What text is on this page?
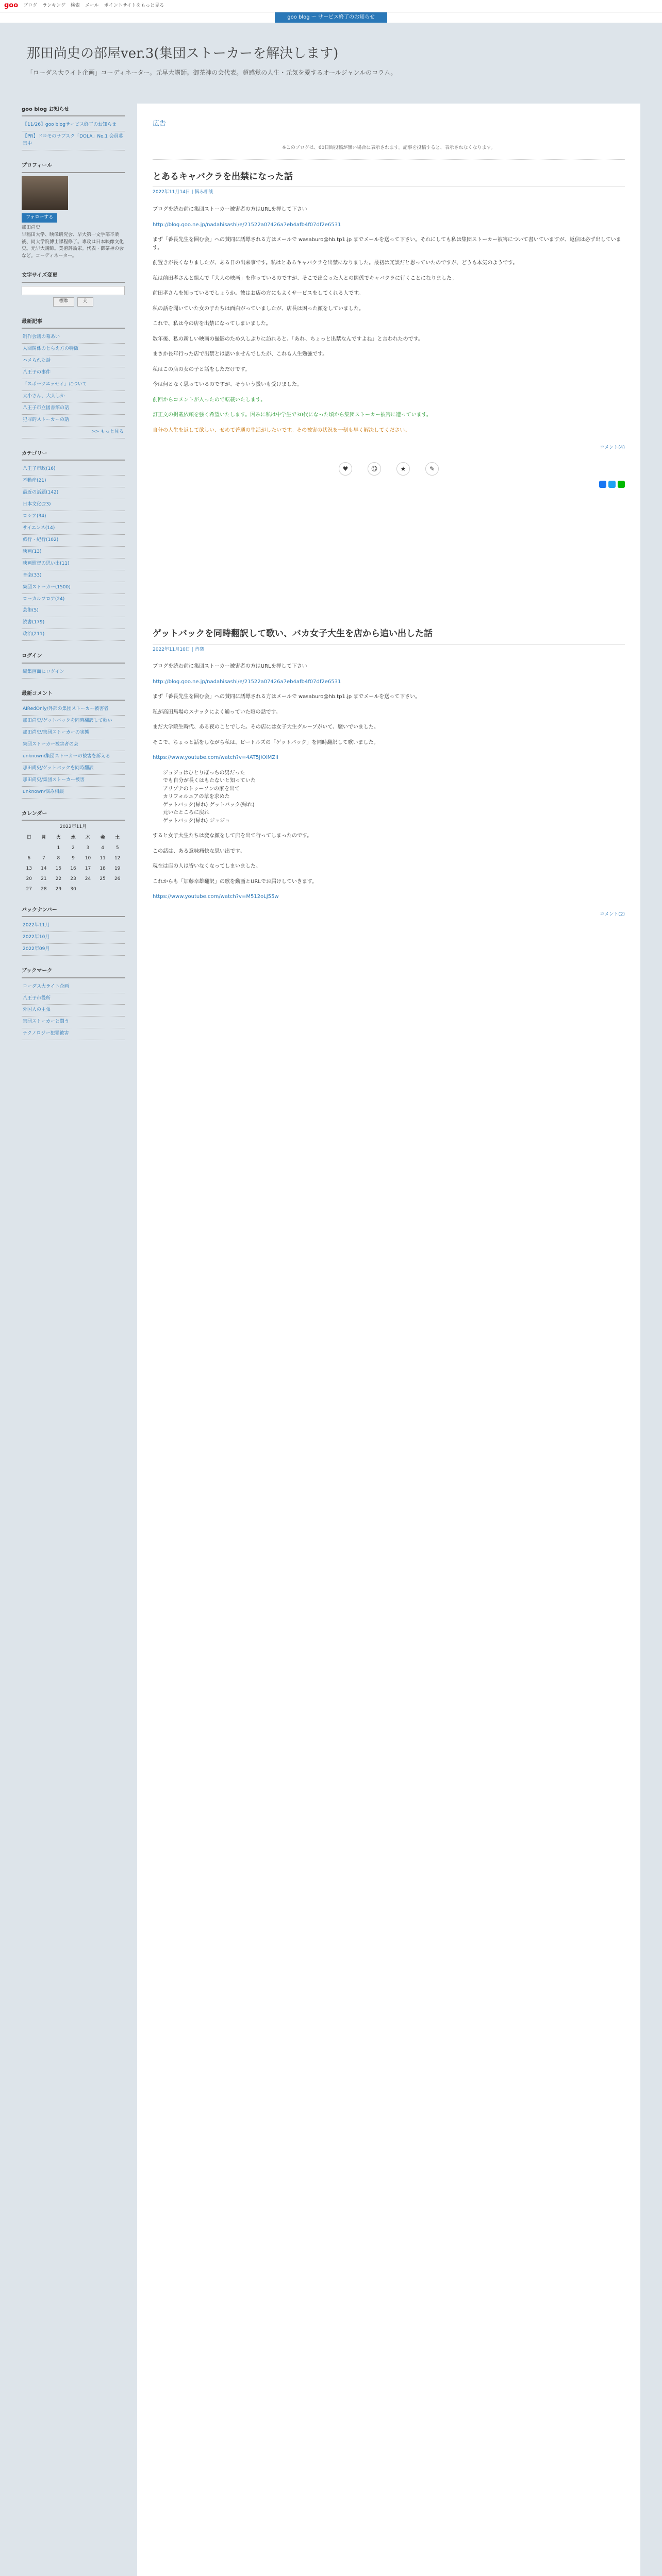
goo ブログ ランキング 検索 メール ポイントサイトをもっと見る
goo blog ～ サービス終了のお知らせ
那田尚史の部屋ver.3(集団ストーカーを解決します)
「ローダス大ライト企画」コーディネーター。元早大講師。御茶神の会代表。超感覚の人生・元気を愛するオールジャンルのコラム。
goo blog お知らせ
【11/26】goo blogサービス終了のお知らせ
【PR】ドコモのサブスク「DOLA」No.1 会員募集中
プロフィール
フォローする
那田尚史
早稲田大学、映像研究会、早大第一文学部卒業後、同大学院博士課程修了。専攻は日本映像文化史。元早大講師。美術評論家。代表・御茶神の会など。コーディネーター。
文字サイズ変更
標準	大
最新記事
制作会議の幕あい
人間関係のとらえ方の特徴
ハメられた話
八王子の事件
「スポーツエッセイ」について
大小さん、大人しか
八王子市立図書館の話
犯罪的ストーカーの話
>> もっと見る
カテゴリー
八王子市政(16)
不動産(21)
最近の話題(142)
日本文化(23)
ロシア(34)
サイエンス(14)
旅行・紀行(102)
映画(13)
映画監督の思い出(11)
音楽(33)
集団ストーカー(1500)
ローカルフロア(24)
芸術(5)
読書(179)
政治(211)
ログイン
編集画面にログイン
最新コメント
AIRedOnly/外部の集団ストーカー被害者
那田尚史/ゲットバックを同時翻訳して歌い
那田尚史/集団ストーカーの実態
集団ストーカー被害者の会
unknown/集団ストーカーの被害を訴える
那田尚史/ゲットバックを同時翻訳
那田尚史/集団ストーカー被害
unknown/悩み相談
カレンダー
2022年11月
日	月	火	水	木	金	土
		1	2	3	4	5
6	7	8	9	10	11	12
13	14	15	16	17	18	19
20	21	22	23	24	25	26
27	28	29	30			
バックナンバー
2022年11月
2022年10月
2022年09月
ブックマーク
ローダス大ライト企画
八王子市役所
外国人の主張
集団ストーカーと闘う
テクノロジー犯罪被害
広告
※このブログは、60日間投稿が無い場合に表示されます。記事を投稿すると、表示されなくなります。
とあるキャバクラを出禁になった話
2022年11月14日 | 悩み相談

ブログを読む前に集団ストーカー被害者の方はURLを押して下さい

http://blog.goo.ne.jp/nadahisashi/e/21522a07426a7eb4afb4f07df2e6531

まず「番長先生を囲む会」への賛同に誘導される方はメールで wasaburo@hb.tp1.jp までメールを送って下さい。それにしても私は集団ストーカー被害について書いていますが、返信は必ず出しています。

前置きが長くなりましたが、ある日の出来事です。私はとあるキャバクラを出禁になりました。最初は冗談だと思っていたのですが、どうも本気のようです。

私は前田孝さんと組んで「大人の映画」を作っているのですが、そこで出会った人との関係でキャバクラに行くことになりました。

前田孝さんを知っているでしょうか。彼はお店の方にもよくサービスをしてくれる人です。

私の話を聞いていた女の子たちは面白がっていましたが、店長は困った顔をしていました。

これで、私は今の店を出禁になってしまいました。

数年後、私の新しい映画の撮影のため久しぶりに訪れると、「あれ、ちょっと出禁なんですよね」と言われたのです。

まさか長年行った店で出禁とは思いませんでしたが、これも人生勉強です。

私はこの店の女の子と話をしただけです。

今は何となく思っているのですが、そういう扱いも受けました。

前回からコメントが入ったので転載いたします。

訂正文の掲載依頼を強く希望いたします。因みに私は中学生で30代になった頃から集団ストーカー被害に遭っています。

自分の人生を返して欲しい、せめて普通の生活がしたいです。その被害の状況を一刻も早く解決してください。

コメント(4)
♥	☺	★	✎
ゲットバックを同時翻訳して歌い、バカ女子大生を店から追い出した話
2022年11月10日 | 音楽

ブログを読む前に集団ストーカー被害者の方はURLを押して下さい

http://blog.goo.ne.jp/nadahisashi/e/21522a07426a7eb4afb4f07df2e6531

まず「番長先生を囲む会」への賛同に誘導される方はメールで wasaburo@hb.tp1.jp までメールを送って下さい。

私が高田馬場のスナックによく通っていた頃の話です。

まだ大学院生時代、ある夜のことでした。その店には女子大生グループがいて、騒いでいました。

そこで、ちょっと話をしながら私は、ビートルズの「ゲットバック」を同時翻訳して歌いました。

https://www.youtube.com/watch?v=4AT5JKXMZlI

ジョジョはひとりぼっちの男だった
でも自分が長くはもたないと知っていた
アリゾナのトゥーソンの家を出て
カリフォルニアの草を求めた
ゲットバック(帰れ) ゲットバック(帰れ)
元いたところに戻れ
ゲットバック(帰れ) ジョジョ

すると女子大生たちは変な顔をして店を出て行ってしまったのです。

この話は、ある意味痛快な思い出です。

現在は店の人は皆いなくなってしまいました。

これからも「加藤幸雄翻訳」の歌を動画とURLでお届けしていきます。

https://www.youtube.com/watch?v=M512oLJ55w

コメント(2)
